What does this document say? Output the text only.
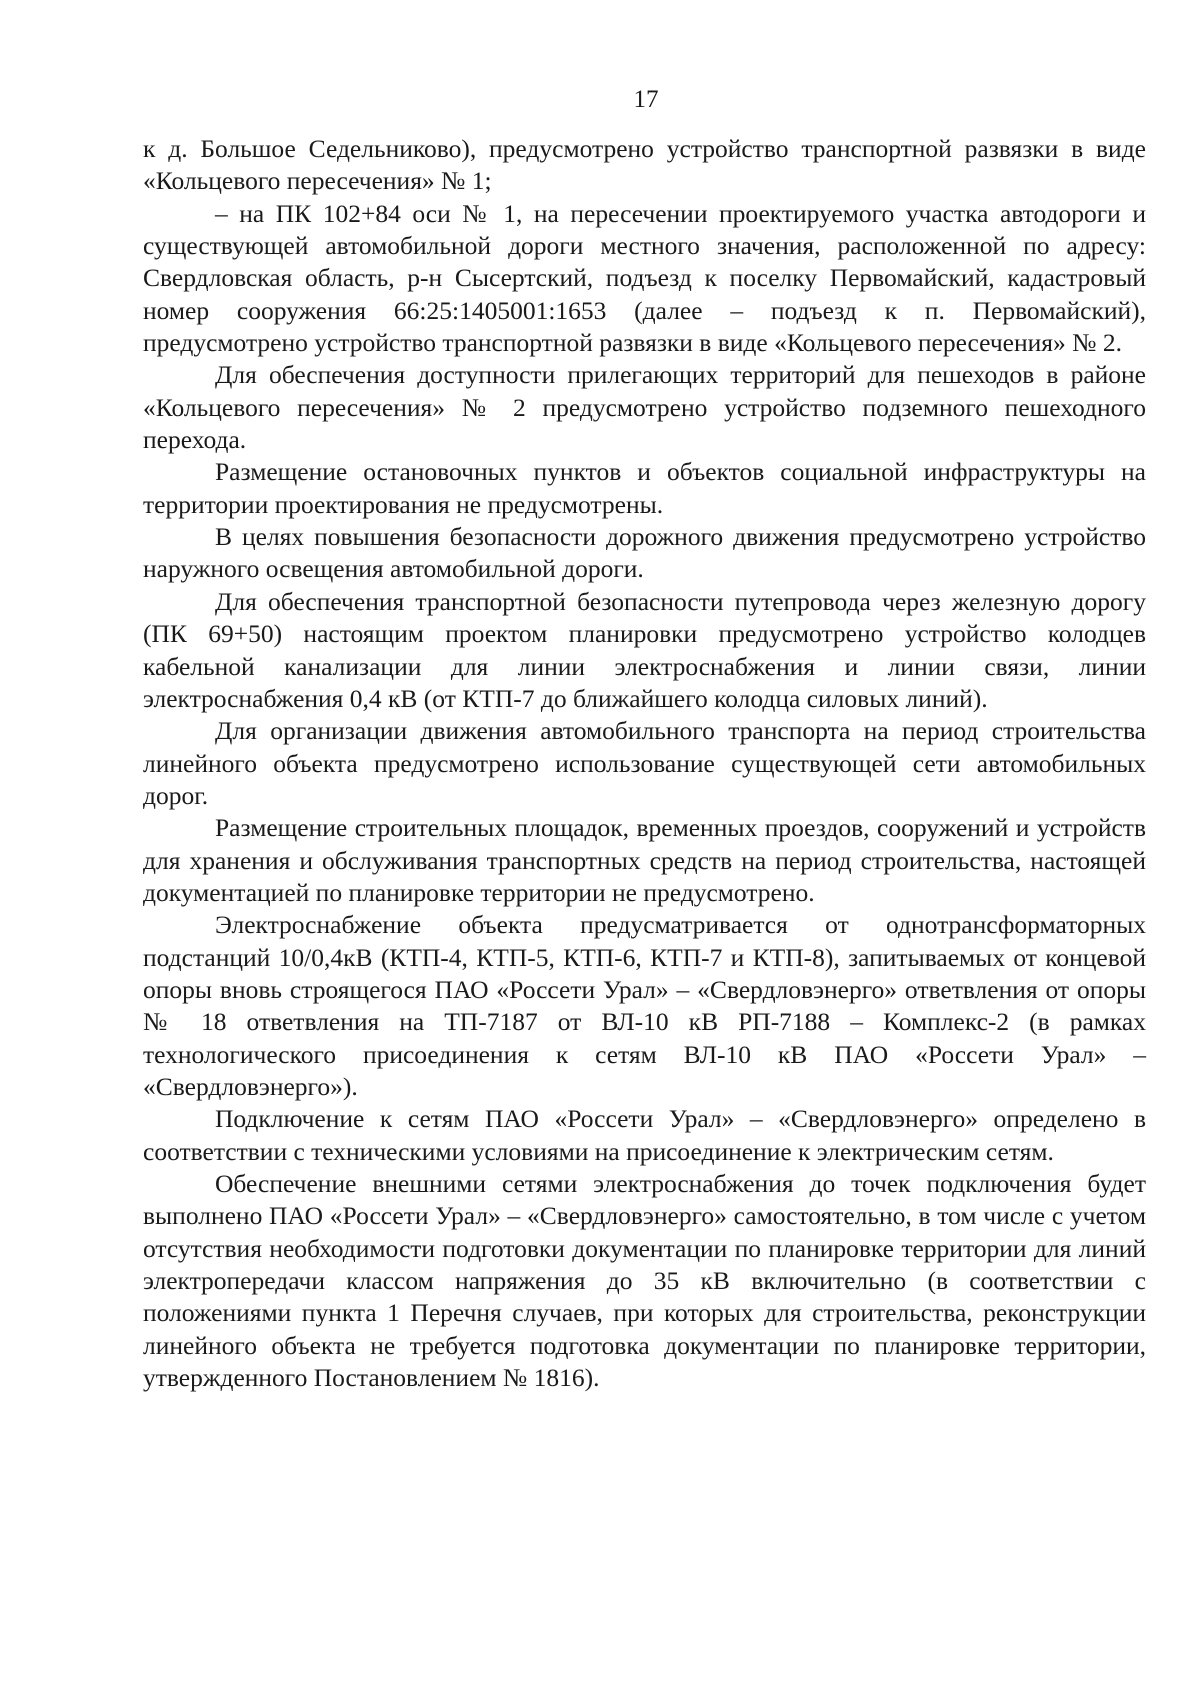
17

к д. Большое Седельниково), предусмотрено устройство транспортной развязки в виде «Кольцевого пересечения» № 1;

– на ПК 102+84 оси № 1, на пересечении проектируемого участка автодороги и существующей автомобильной дороги местного значения, расположенной по адресу: Свердловская область, р-н Сысертский, подъезд к поселку Первомайский, кадастровый номер сооружения 66:25:1405001:1653 (далее – подъезд к п. Первомайский), предусмотрено устройство транспортной развязки в виде «Кольцевого пересечения» № 2.

Для обеспечения доступности прилегающих территорий для пешеходов в районе «Кольцевого пересечения» № 2 предусмотрено устройство подземного пешеходного перехода.

Размещение остановочных пунктов и объектов социальной инфраструктуры на территории проектирования не предусмотрены.

В целях повышения безопасности дорожного движения предусмотрено устройство наружного освещения автомобильной дороги.

Для обеспечения транспортной безопасности путепровода через железную дорогу (ПК 69+50) настоящим проектом планировки предусмотрено устройство колодцев кабельной канализации для линии электроснабжения и линии связи, линии электроснабжения 0,4 кВ (от КТП-7 до ближайшего колодца силовых линий).

Для организации движения автомобильного транспорта на период строительства линейного объекта предусмотрено использование существующей сети автомобильных дорог.

Размещение строительных площадок, временных проездов, сооружений и устройств для хранения и обслуживания транспортных средств на период строительства, настоящей документацией по планировке территории не предусмотрено.

Электроснабжение объекта предусматривается от однотрансформаторных подстанций 10/0,4кВ (КТП-4, КТП-5, КТП-6, КТП-7 и КТП-8), запитываемых от концевой опоры вновь строящегося ПАО «Россети Урал» – «Свердловэнерго» ответвления от опоры № 18 ответвления на ТП-7187 от ВЛ-10 кВ РП-7188 – Комплекс-2 (в рамках технологического присоединения к сетям ВЛ-10 кВ ПАО «Россети Урал» – «Свердловэнерго»).

Подключение к сетям ПАО «Россети Урал» – «Свердловэнерго» определено в соответствии с техническими условиями на присоединение к электрическим сетям.

Обеспечение внешними сетями электроснабжения до точек подключения будет выполнено ПАО «Россети Урал» – «Свердловэнерго» самостоятельно, в том числе с учетом отсутствия необходимости подготовки документации по планировке территории для линий электропередачи классом напряжения до 35 кВ включительно (в соответствии с положениями пункта 1 Перечня случаев, при которых для строительства, реконструкции линейного объекта не требуется подготовка документации по планировке территории, утвержденного Постановлением № 1816).
